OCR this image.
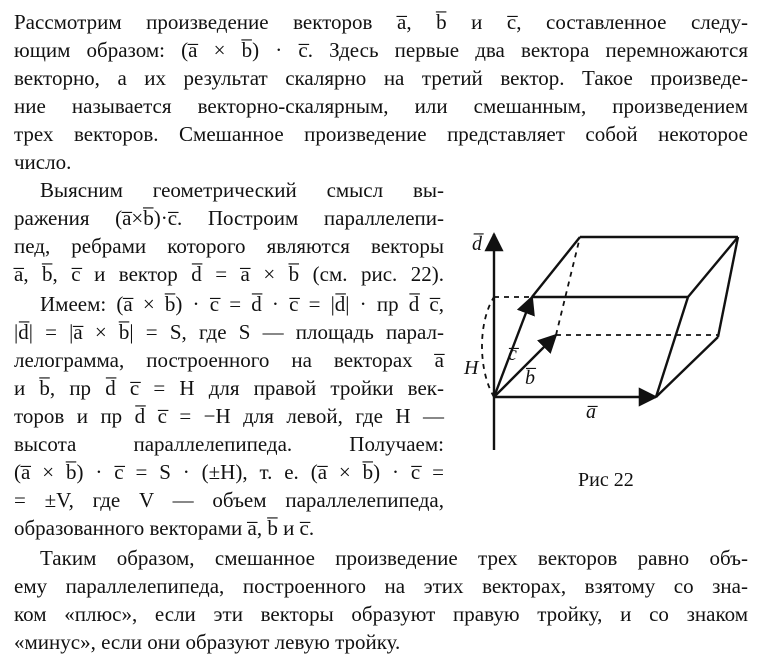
Рассмотрим произведение векторов a̅, b̅ и c̅, составленное следу-
ющим образом: (a̅ × b̅) · c̅. Здесь первые два вектора перемножаются
векторно, а их результат скалярно на третий вектор. Такое произведе-
ние называется векторно-скалярным, или смешанным, произведением
трех векторов. Смешанное произведение представляет собой некоторое
число.
Выясним геометрический смысл вы-
ражения (a̅×b̅)·c̅. Построим параллелепи-
пед, ребрами которого являются векторы
a̅, b̅, c̅ и вектор d̅ = a̅ × b̅ (см. рис. 22).
Имеем: (a̅ × b̅) · c̅ = d̅ · c̅ = |d̅| · пр d̅ c̅,
|d̅| = |a̅ × b̅| = S, где S — площадь парал-
лелограмма, построенного на векторах a̅
и b̅, пр d̅ c̅ = H для правой тройки век-
торов и пр d̅ c̅ = −H для левой, где H —
высота параллелепипеда. Получаем:
(a̅ × b̅) · c̅ = S · (±H), т. е. (a̅ × b̅) · c̅ =
= ±V, где V — объем параллелепипеда,
образованного векторами a̅, b̅ и c̅.
Таким образом, смешанное произведение трех векторов равно объ-
ему параллелепипеда, построенного на этих векторах, взятому со зна-
ком «плюс», если эти векторы образуют правую тройку, и со знаком
«минус», если они образуют левую тройку.
d̅
H
c̅
b̅
a̅
Рис 22
